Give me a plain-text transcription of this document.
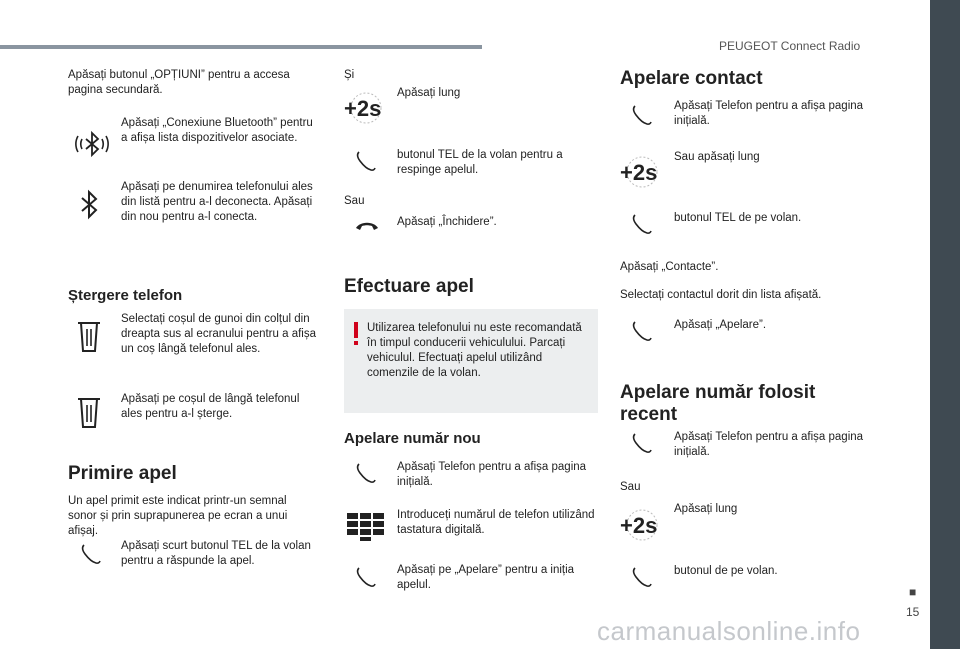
PEUGEOT Connect Radio
■
15
carmanualsonline.info
Apăsați butonul „OPȚIUNI” pentru a accesa pagina secundară.
Apăsați „Conexiune Bluetooth” pentru a afișa lista dispozitivelor asociate.
Apăsați pe denumirea telefonului ales din listă pentru a-l deconecta. Apăsați din nou pentru a-l conecta.
Ștergere telefon
Selectați coșul de gunoi din colțul din dreapta sus al ecranului pentru a afișa un coș lângă telefonul ales.
Apăsați pe coșul de lângă telefonul ales pentru a-l șterge.
Primire apel
Un apel primit este indicat printr-un semnal sonor și prin suprapunerea pe ecran a unui afișaj.
Apăsați scurt butonul TEL de la volan pentru a răspunde la apel.
Și
+2s
Apăsați lung
butonul TEL de la volan pentru a respinge apelul.
Sau
Apăsați „Închidere”.
Efectuare apel
Utilizarea telefonului nu este recomandată în timpul conducerii vehiculului. Parcați vehiculul. Efectuați apelul utilizând comenzile de la volan.
Apelare număr nou
Apăsați Telefon pentru a afișa pagina inițială.
Introduceți numărul de telefon utilizând tastatura digitală.
Apăsați pe „Apelare” pentru a iniția apelul.
Apelare contact
Apăsați Telefon pentru a afișa pagina inițială.
+2s
Sau apăsați lung
butonul TEL de pe volan.
Apăsați „Contacte”.
Selectați contactul dorit din lista afișată.
Apăsați „Apelare”.
Apelare număr folosit recent
Apăsați Telefon pentru a afișa pagina inițială.
Sau
+2s
Apăsați lung
butonul de pe volan.
